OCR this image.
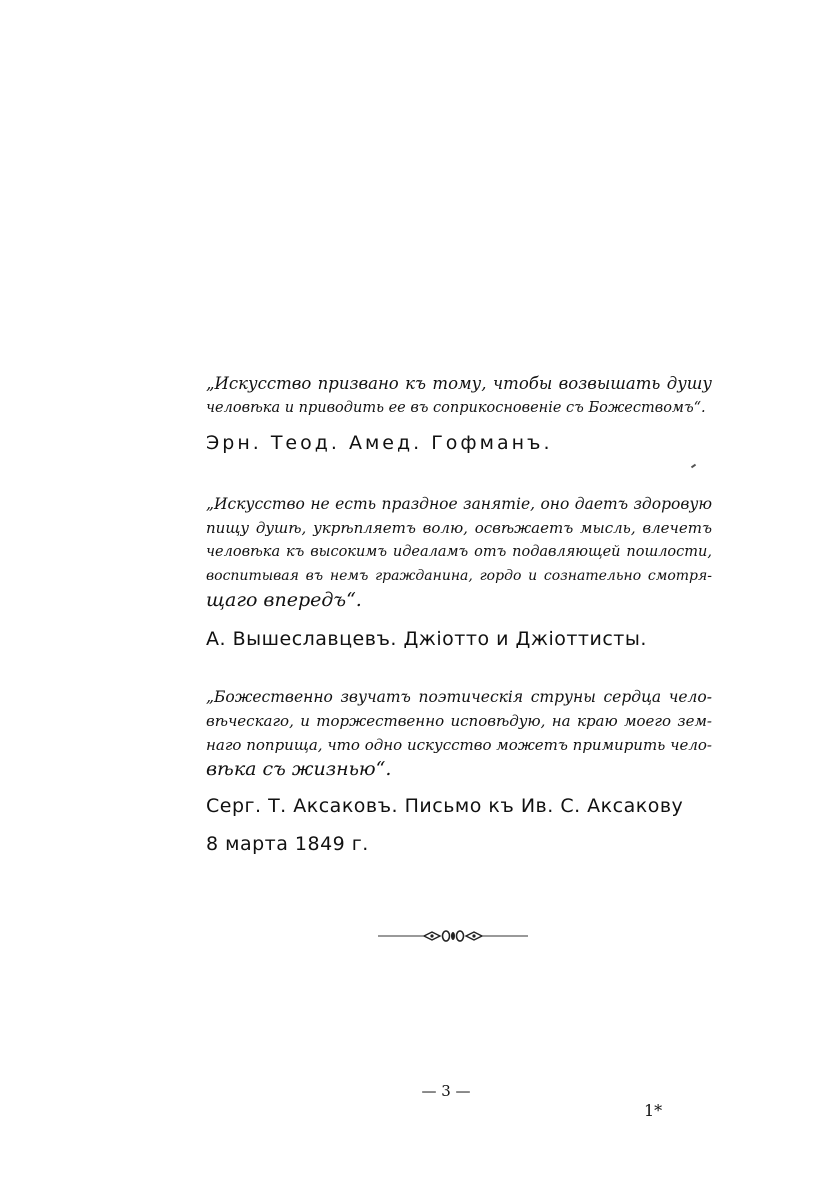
„Искусство призвано къ тому, чтобы возвышать душу
человѣка и приводить ее въ соприкосновеніе съ Божествомъ“.
Эрн. Теод. Амед. Гофманъ.
„Искусство не есть праздное занятіе, оно даетъ здоровую
пищу душѣ, укрѣпляетъ волю, освѣжаетъ мысль, влечетъ
человѣка къ высокимъ идеаламъ отъ подавляющей пошлости,
воспитывая въ немъ гражданина, гордо и сознательно смотря-
щаго впередъ“.
А. Вышеславцевъ. Джіотто и Джіоттисты.
„Божественно звучатъ поэтическія струны сердца чело-
вѣческаго, и торжественно исповѣдую, на краю моего зем-
наго поприща, что одно искусство можетъ примирить чело-
вѣка съ жизнью“.
Серг. Т. Аксаковъ. Письмо къ Ив. С. Аксакову
8 марта 1849 г.
— 3 —
1*
